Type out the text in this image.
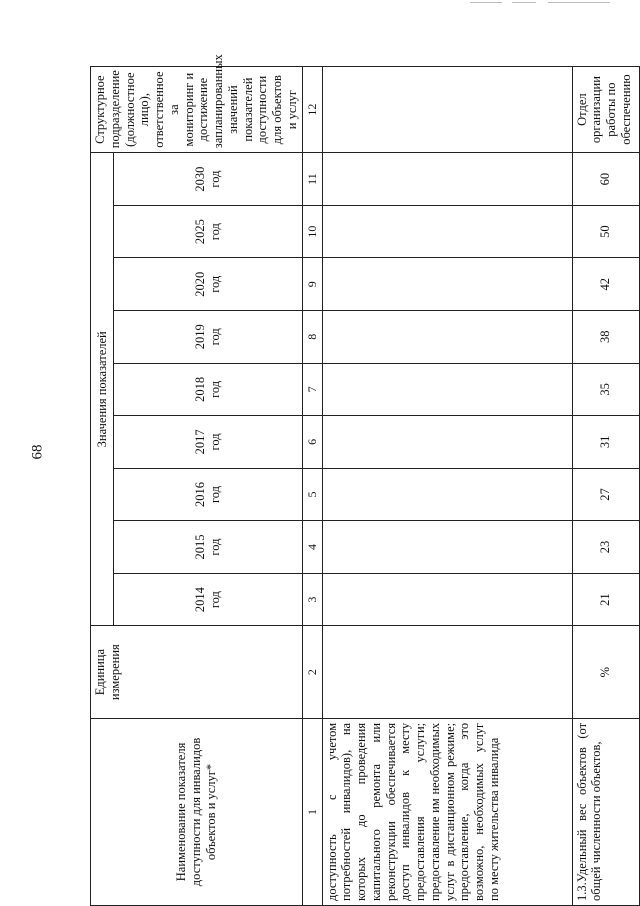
68
Наименование показателя доступности для инвалидов объектов и услуг*	Единица измерения	Значения показателей									Структурное подразделение (должностное лицо), ответственное за мониторинг и достижение запланированных значений показателей доступности для объектов и услуг
		2014 год	2015 год	2016 год	2017 год	2018 год	2019 год	2020 год	2025 год	2030 год	
1	2	3	4	5	6	7	8	9	10	11	12
доступность с учетом потребностей инвалидов), на которых до проведения капитального ремонта или реконструкции обеспечивается доступ инвалидов к месту предоставления услуги; предоставление им необходимых услуг в дистанционном режиме; предоставление, когда это возможно, необходимых услуг по месту жительства инвалида											
1.3.Удельный вес объектов (от общей численности объектов,	%	21	23	27	31	35	38	42	50	60	Отдел организации работы по обеспечению
